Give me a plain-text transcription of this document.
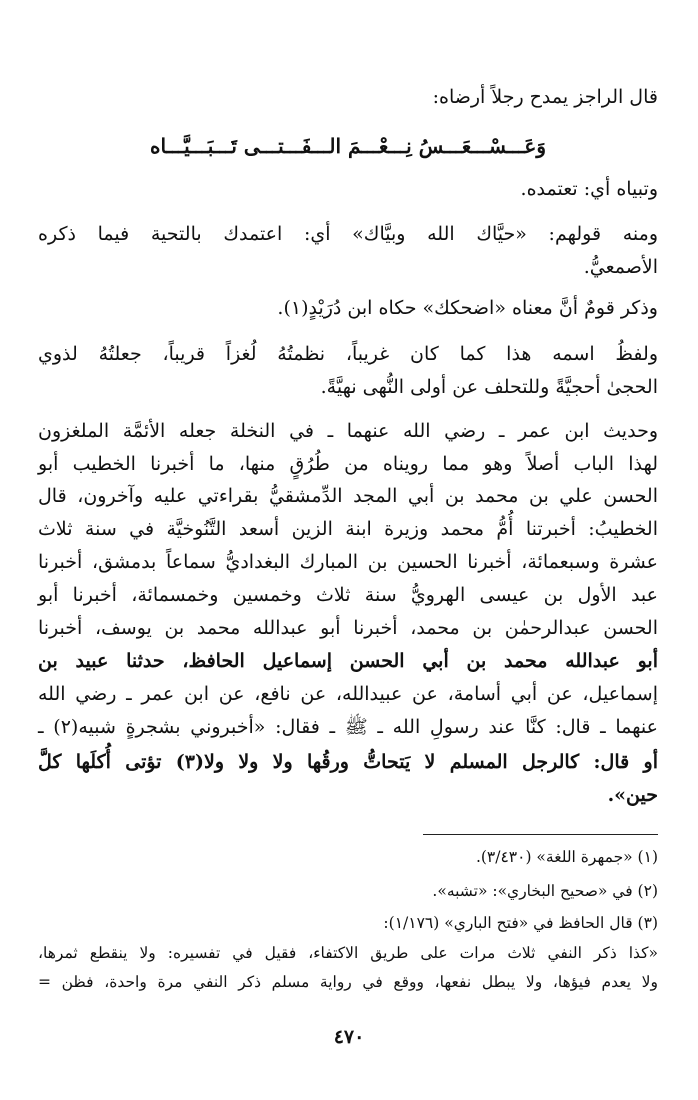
قال الراجز يمدح رجلاً أرضاه:
وَعَـــسْـــعَـــسُ نِـــعْـــمَ الـــفَـــتـــى تَـــبَـــيَّـــاه
وتبياه أي: تعتمده.
ومنه قولهم: «حيَّاك الله وبيَّاك» أي: اعتمدك بالتحية فيما ذكره
الأصمعيُّ.
وذكر قومٌ أنَّ معناه «اضحكك» حكاه ابن دُرَيْدٍ(١).
ولفظُ اسمه هذا كما كان غريباً، نظمتُهُ لُغزاً قريباً، جعلتُهُ لذوي
الحجىٰ أحجيَّةً وللتحلف عن أولى النُّهى نهيَّةً.
وحديث ابن عمر ـ رضي الله عنهما ـ في النخلة جعله الأئمَّة الملغزون
لهذا الباب أصلاً وهو مما رويناه من طُرُقٍ منها، ما أخبرنا الخطيب أبو
الحسن علي بن محمد بن أبي المجد الدِّمشقيُّ بقراءتي عليه وآخرون، قال
الخطيبُ: أخبرتنا أُمُّ محمد وزيرة ابنة الزين أسعد التَّنُوخيَّة في سنة ثلاث
عشرة وسبعمائة، أخبرنا الحسين بن المبارك البغداديُّ سماعاً بدمشق، أخبرنا
عبد الأول بن عيسى الهرويُّ سنة ثلاث وخمسين وخمسمائة، أخبرنا أبو
الحسن عبدالرحمٰن بن محمد، أخبرنا أبو عبدالله محمد بن يوسف، أخبرنا
أبو عبدالله محمد بن أبي الحسن إسماعيل الحافظ، حدثنا عبيد بن
إسماعيل، عن أبي أسامة، عن عبيدالله، عن نافع، عن ابن عمر ـ رضي الله
عنهما ـ قال: كنَّا عند رسولِ الله ـ ﷺ ـ فقال: «أخبروني بشجرةٍ شبيه(٢) ـ
أو قال: كالرجل المسلم لا يَتحاتُّ ورقُها ولا ولا ولا(٣) تؤتى أُكلَها كلَّ
حين».
(١) «جمهرة اللغة» (٣/٤٣٠).
(٢) في «صحيح البخاري»: «تشبه».
(٣) قال الحافظ في «فتح الباري» (١/١٧٦):
«كذا ذكر النفي ثلاث مرات على طريق الاكتفاء، فقيل في تفسيره: ولا ينقطع ثمرها،
ولا يعدم فيؤها، ولا يبطل نفعها، ووقع في رواية مسلم ذكر النفي مرة واحدة، فظن =
٤٧٠
